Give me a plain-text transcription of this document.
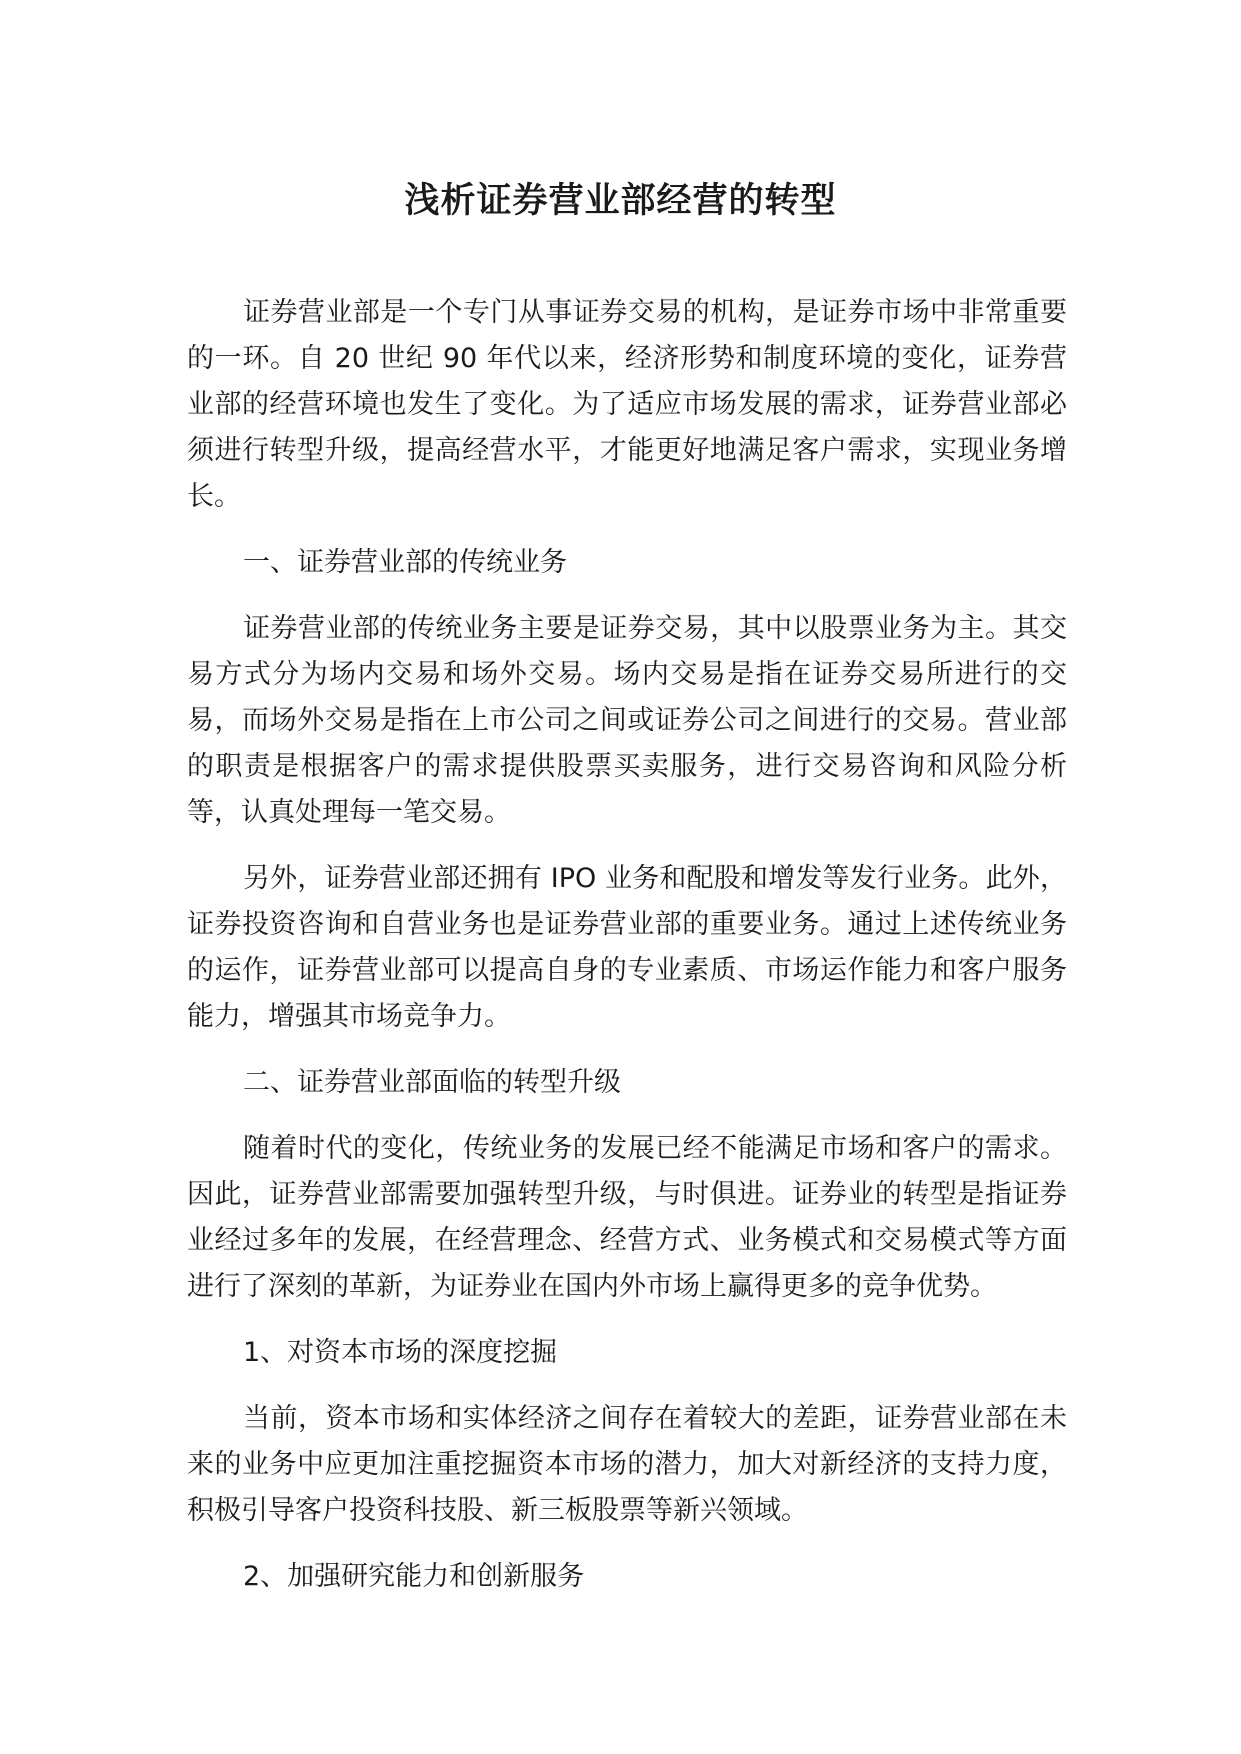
浅析证券营业部经营的转型

证券营业部是一个专门从事证券交易的机构，是证券市场中非常重要的一环。自 20 世纪 90 年代以来，经济形势和制度环境的变化，证券营业部的经营环境也发生了变化。为了适应市场发展的需求，证券营业部必须进行转型升级，提高经营水平，才能更好地满足客户需求，实现业务增长。

一、证券营业部的传统业务

证券营业部的传统业务主要是证券交易，其中以股票业务为主。其交易方式分为场内交易和场外交易。场内交易是指在证券交易所进行的交易，而场外交易是指在上市公司之间或证券公司之间进行的交易。营业部的职责是根据客户的需求提供股票买卖服务，进行交易咨询和风险分析等，认真处理每一笔交易。

另外，证券营业部还拥有 IPO 业务和配股和增发等发行业务。此外，证券投资咨询和自营业务也是证券营业部的重要业务。通过上述传统业务的运作，证券营业部可以提高自身的专业素质、市场运作能力和客户服务能力，增强其市场竞争力。

二、证券营业部面临的转型升级

随着时代的变化，传统业务的发展已经不能满足市场和客户的需求。因此，证券营业部需要加强转型升级，与时俱进。证券业的转型是指证券业经过多年的发展，在经营理念、经营方式、业务模式和交易模式等方面进行了深刻的革新，为证券业在国内外市场上赢得更多的竞争优势。

1、对资本市场的深度挖掘

当前，资本市场和实体经济之间存在着较大的差距，证券营业部在未来的业务中应更加注重挖掘资本市场的潜力，加大对新经济的支持力度，积极引导客户投资科技股、新三板股票等新兴领域。

2、加强研究能力和创新服务
